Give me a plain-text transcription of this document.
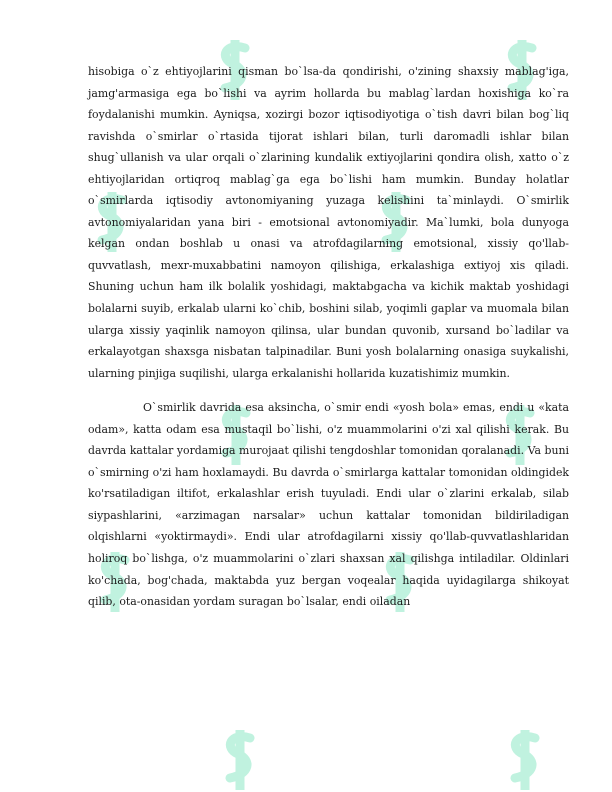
hisobiga o`z ehtiyojlarini qisman bo`lsa-da qondirishi, o'zining shaxsiy mablag'iga, jamg'armasiga ega bo`lishi va ayrim hollarda bu mablag`lardan hoxishiga ko`ra foydalanishi mumkin. Ayniqsa, xozirgi bozor iqtisodiyotiga o`tish davri bilan bog`liq ravishda o`smirlar o`rtasida tijorat ishlari bilan, turli daromadli ishlar bilan shug`ullanish va ular orqali o`zlarining kundalik extiyojlarini qondira olish, xatto o`z ehtiyojlaridan ortiqroq mablag`ga ega bo`lishi ham mumkin. Bunday holatlar o`smirlarda iqtisodiy avtonomiyaning yuzaga kelishini ta`minlaydi. O`smirlik avtonomiyalaridan yana biri - emotsional avtonomiyadir. Ma`lumki, bola dunyoga kelgan ondan boshlab u onasi va atrofdagilarning emotsional, xissiy qo'llab-quvvatlash, mexr-muxabbatini namoyon qilishiga, erkalashiga extiyoj xis qiladi. Shuning uchun ham ilk bolalik yoshidagi, maktabgacha va kichik maktab yoshidagi bolalarni suyib, erkalab ularni ko`chib, boshini silab, yoqimli gaplar va muomala bilan ularga xissiy yaqinlik namoyon qilinsa, ular bundan quvonib, xursand bo`ladilar va erkalayotgan shaxsga nisbatan talpinadilar. Buni yosh bolalarning onasiga suykalishi, ularning pinjiga suqilishi, ularga erkalanishi hollarida kuzatishimiz mumkin.

O`smirlik davrida esa aksincha, o`smir endi «yosh bola» emas, endi u «kata odam», katta odam esa mustaqil bo`lishi, o'z muammolarini o'zi xal qilishi kerak. Bu davrda kattalar yordamiga murojaat qilishi tengdoshlar tomonidan qoralanadi. Va buni o`smirning o'zi ham hoxlamaydi. Bu davrda o`smirlarga kattalar tomonidan oldingidek ko'rsatiladigan iltifot, erkalashlar erish tuyuladi. Endi ular o`zlarini erkalab, silab siypashlarini, «arzimagan narsalar» uchun kattalar tomonidan bildiriladigan olqishlarni «yoktirmaydi». Endi ular atrofdagilarni xissiy qo'llab-quvvatlashlaridan holiroq bo`lishga, o'z muammolarini o`zlari shaxsan xal qilishga intiladilar. Oldinlari ko'chada, bog'chada, maktabda yuz bergan voqealar haqida uyidagilarga shikoyat qilib, ota-onasidan yordam suragan bo`lsalar, endi oiladan
